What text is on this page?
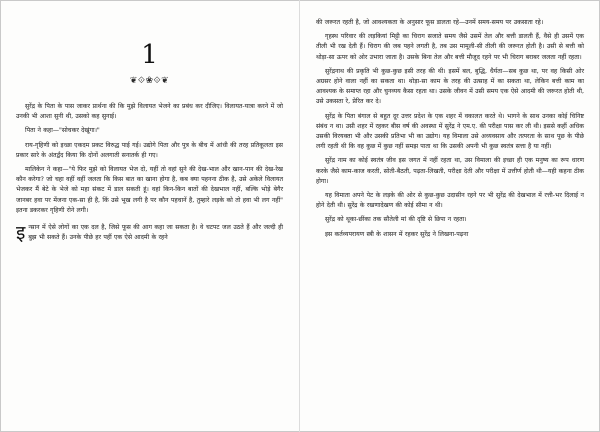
1
❦⟐❀⟐❦

सुरेंद्र के पिता के पास जाकर प्रार्थना की कि मुझे विलायत भेजने का प्रबंध कर दीजिए। विलायत-यात्रा करने में जो उनकी भी आशा सुनी थी, उसको कह सुनाई।

पिता ने कहा—"सोचकर देखूंगा।"

राय-गृहिणी को इच्छा एकदम प्रकट विरुद्ध पाई गई। उद्योगे पिता और पुत्र के बीच में आंधी की तरह प्रतिकूलता इस प्रकार सारे के अंतर्द्वंद किया कि दोनों अलगाती सनातर्क ही गए।

मालिकेन ने कहा—"ये फिर मुझे को विलायत भेज दो, यहीं तो वहां सुने की देख-भाल और खान-पान की देख-रेख कौन करेगा? जो चहा वहीं वहीं जलता कि किस बात का खाना होगा है, कब क्या पहनना ठीक है, उसे अकेले विलायत भेजकर मैं बेटे के भेजे को महा संकट में डाल सकती हूं। वहां किन-किन बातों की देखभाल नहीं, बल्कि भोड़े बेगैर जानबर हवा पर मेंजना एक-सा ही है, किं उसे भूख लगी है पर कौन पहचानें है, तुम्हारे लड़के को तो हवा भी लग नहीं" इतना डकरकर गृहिणी रोने लगी।

इ न्सान में ऐसे लोगों का एक दल है, जिसे फूस की आग कहा जा सकता है। वे चटपट जल उठते हैं और जल्दी ही बुझ भी सकते हैं। उनके पीछे हर पहीं एक ऐसे आदमी के रहने

की जरूरत रहती है, जो आवश्यकता के अनुसार फूस डालता रहे—उनमें समय-समय पर उकसाता रहे।

गृहस्थ परिवार की लड़कियां मिट्टी का चिराग सजाते समय जैसे उसमें तेल और बत्ती डालती हैं, वैसे ही उसमें एक तीली भी रख देती हैं। चिराग की जब पहने लगती है, तब उस मामूली-सी तीली की जरूरत होती है। उसी से बत्ती को थोड़ा-सा ऊपर को ओर उभारा जाता है। उसके बिना तेल और बत्ती मौजूद रहने पर भी चिराग बराबर जलता नहीं रहता।

सुरेंद्रनाथ की प्रकृति भी कुछ-कुछ इसी तरह की थी। इसमें बल, बुद्धि, धैर्यता—सब कुछ था, पर वह किसी ओर अग्रसर होने वाला नहीं का सकता था। थोड़ा-सा काम के तरह की उत्साह में का सकता था, लेकिन बत्ती काम का आवश्यक के समाप्त रहा और चुनव्यय कैसा रहता था। उसके जीवन में उसी समय एक ऐसे आदमी की जरूरत होती थी, उसे उकसता रे, प्रेरित कर दे।

सुरेंद्र के पिता बंगाल से बहुत दूर उत्तर प्रदेश के एक शहर में वकालत करते थे। भागने के साथ उनका कोई चिनिष्ट संबंध न था। उसी शहर में रहकर बीस वर्ष की अवस्था में सुरेंद्र ने एम.ए. की परीक्षा पास कर ली थी। इससे कहीं अधिक उसकी विरयक्ता भी और उसकी प्रतिभा भी का उद्योग। यह विमाला उसे अध्यवसाय और तत्परता के साथ पूछ के पीछे लगी रहती थी कि वह कुछ में कुछ नहीं समझ पाता था कि उसकी अपनी भी कुछ स्वतंत्र सत्ता है या नहीं।

सुरेंद्र नाम का कोई स्वतंत्र जीव इस जगत में नहीं रहता था, उस विमाला की इच्छा ही एक मनुष्य का रूप धारण करके जैसे काम-काज करती, सोती-बैठती, पढ़ता-लिखती, परीक्षा देती और परीक्षा में उत्तीर्ण होती थी—यही कहना ठीक होगा।

यह विमाता अपने पेट के लड़के की ओर से कुछ-कुछ उदासीन रहने पर भी सुरेंद्र की देखभाल में रत्ती-भर दिलाई न होने देती थी। सुरेंद्र के रखणादेखण की कोई सीमा न थी।

सुरेंद्र को थूका-छींका तक सौतेली मां की दृष्टि से छिपा न रहता।

इस कर्तव्यपरायण स्त्री के शासन में रहकर सुरेंद्र ने लिखना-पढ़ना
